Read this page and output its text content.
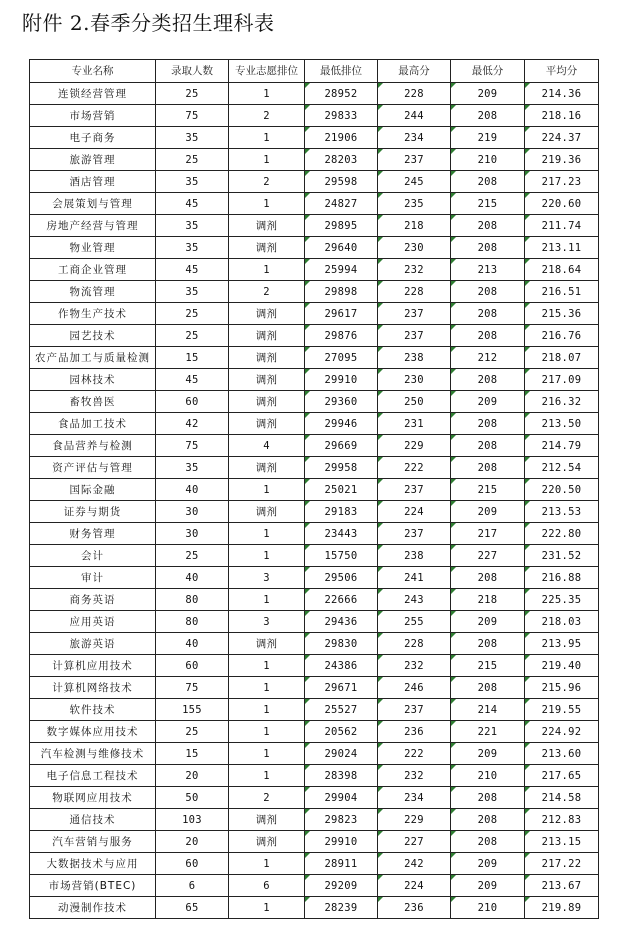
附件 2.春季分类招生理科表
专业名称	录取人数	专业志愿排位	最低排位	最高分	最低分	平均分
连锁经营管理	25	1	28952	228	209	214.36
市场营销	75	2	29833	244	208	218.16
电子商务	35	1	21906	234	219	224.37
旅游管理	25	1	28203	237	210	219.36
酒店管理	35	2	29598	245	208	217.23
会展策划与管理	45	1	24827	235	215	220.60
房地产经营与管理	35	调剂	29895	218	208	211.74
物业管理	35	调剂	29640	230	208	213.11
工商企业管理	45	1	25994	232	213	218.64
物流管理	35	2	29898	228	208	216.51
作物生产技术	25	调剂	29617	237	208	215.36
园艺技术	25	调剂	29876	237	208	216.76
农产品加工与质量检测	15	调剂	27095	238	212	218.07
园林技术	45	调剂	29910	230	208	217.09
畜牧兽医	60	调剂	29360	250	209	216.32
食品加工技术	42	调剂	29946	231	208	213.50
食品营养与检测	75	4	29669	229	208	214.79
资产评估与管理	35	调剂	29958	222	208	212.54
国际金融	40	1	25021	237	215	220.50
证券与期货	30	调剂	29183	224	209	213.53
财务管理	30	1	23443	237	217	222.80
会计	25	1	15750	238	227	231.52
审计	40	3	29506	241	208	216.88
商务英语	80	1	22666	243	218	225.35
应用英语	80	3	29436	255	209	218.03
旅游英语	40	调剂	29830	228	208	213.95
计算机应用技术	60	1	24386	232	215	219.40
计算机网络技术	75	1	29671	246	208	215.96
软件技术	155	1	25527	237	214	219.55
数字媒体应用技术	25	1	20562	236	221	224.92
汽车检测与维修技术	15	1	29024	222	209	213.60
电子信息工程技术	20	1	28398	232	210	217.65
物联网应用技术	50	2	29904	234	208	214.58
通信技术	103	调剂	29823	229	208	212.83
汽车营销与服务	20	调剂	29910	227	208	213.15
大数据技术与应用	60	1	28911	242	209	217.22
市场营销(BTEC)	6	6	29209	224	209	213.67
动漫制作技术	65	1	28239	236	210	219.89
